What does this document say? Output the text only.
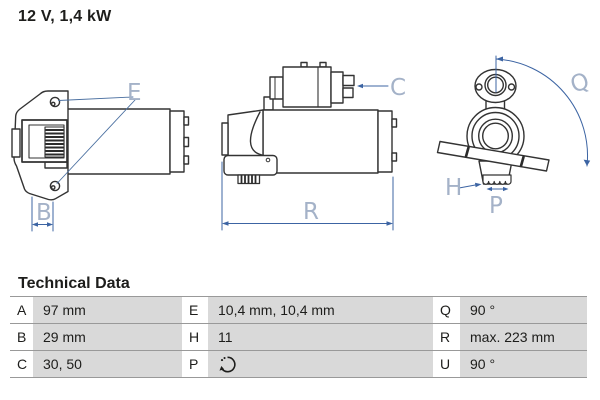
12 V, 1,4 kW
E
B
C
R
Q
H
P
Technical Data
A	97 mm	E	10,4 mm, 10,4 mm	Q	90 °
B	29 mm	H	11	R	max. 223 mm
C	30, 50	P		U	90 °
